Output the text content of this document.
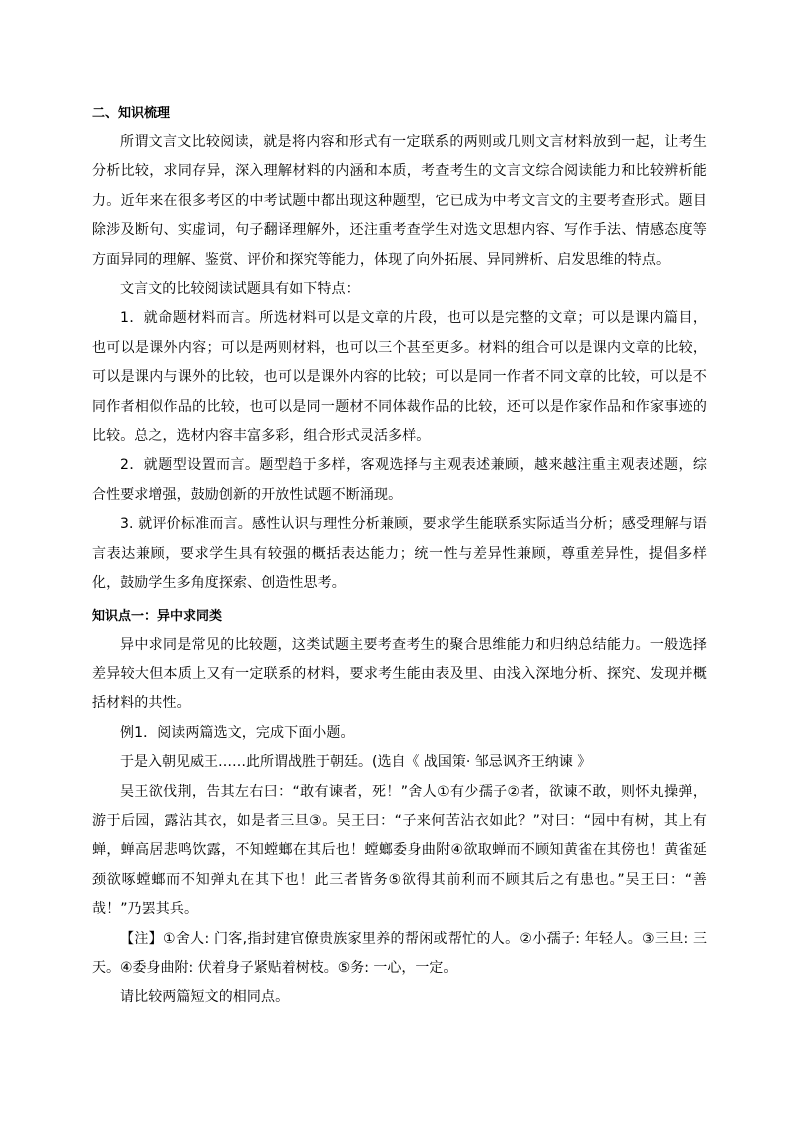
二、知识梳理

所谓文言文比较阅读，就是将内容和形式有一定联系的两则或几则文言材料放到一起，让考生分析比较，求同存异，深入理解材料的内涵和本质，考查考生的文言文综合阅读能力和比较辨析能力。近年来在很多考区的中考试题中都出现这种题型，它已成为中考文言文的主要考查形式。题目除涉及断句、实虚词，句子翻译理解外，还注重考查学生对选文思想内容、写作手法、情感态度等方面异同的理解、鉴赏、评价和探究等能力，体现了向外拓展、异同辨析、启发思维的特点。

文言文的比较阅读试题具有如下特点：

1．就命题材料而言。所选材料可以是文章的片段，也可以是完整的文章；可以是课内篇目，也可以是课外内容；可以是两则材料，也可以三个甚至更多。材料的组合可以是课内文章的比较，可以是课内与课外的比较，也可以是课外内容的比较；可以是同一作者不同文章的比较，可以是不同作者相似作品的比较，也可以是同一题材不同体裁作品的比较，还可以是作家作品和作家事迹的比较。总之，选材内容丰富多彩，组合形式灵活多样。

2．就题型设置而言。题型趋于多样，客观选择与主观表述兼顾，越来越注重主观表述题，综合性要求增强，鼓励创新的开放性试题不断涌现。

3. 就评价标准而言。感性认识与理性分析兼顾，要求学生能联系实际适当分析；感受理解与语言表达兼顾，要求学生具有较强的概括表达能力；统一性与差异性兼顾，尊重差异性，提倡多样化，鼓励学生多角度探索、创造性思考。

知识点一：异中求同类

异中求同是常见的比较题，这类试题主要考查考生的聚合思维能力和归纳总结能力。一般选择差异较大但本质上又有一定联系的材料，要求考生能由表及里、由浅入深地分析、探究、发现并概括材料的共性。

例1．阅读两篇选文，完成下面小题。

于是入朝见威王……此所谓战胜于朝廷。(选自《 战国策· 邹忌讽齐王纳谏 》

吴王欲伐荆，告其左右曰：“敢有谏者，死！”舍人①有少孺子②者，欲谏不敢，则怀丸操弹，游于后园，露沾其衣，如是者三旦③。吴王曰：“子来何苦沾衣如此？”对曰：“园中有树，其上有蝉，蝉高居悲鸣饮露，不知螳螂在其后也！螳螂委身曲附④欲取蝉而不顾知黄雀在其傍也！黄雀延颈欲啄螳螂而不知弹丸在其下也！此三者皆务⑤欲得其前利而不顾其后之有患也。”吴王曰：“善哉！”乃罢其兵。

【注】①舍人: 门客,指封建官僚贵族家里养的帮闲或帮忙的人。②小孺子: 年轻人。③三旦: 三天。④委身曲附: 伏着身子紧贴着树枝。⑤务: 一心，一定。

请比较两篇短文的相同点。
